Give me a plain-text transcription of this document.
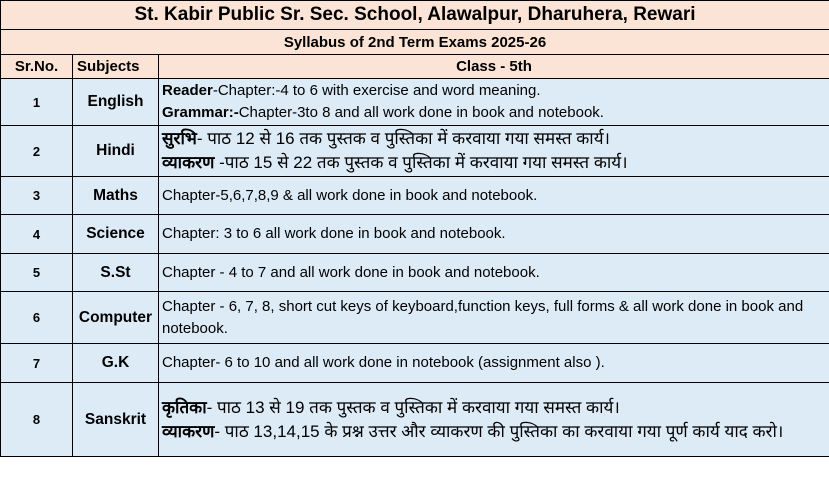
St. Kabir Public Sr. Sec. School, Alawalpur, Dharuhera, Rewari		
Syllabus of 2nd Term Exams 2025-26		
Sr.No.	Subjects	Class - 5th
1	English	Reader-Chapter:-4 to 6 with exercise and word meaning.
Grammar:-Chapter-3to 8 and all work done in book and notebook.

2	Hindi	सुरभि- पाठ 12 से 16 तक पुस्तक व पुस्तिका में करवाया गया समस्त कार्य।
व्याकरण -पाठ 15 से 22 तक पुस्तक व पुस्तिका में करवाया गया समस्त कार्य।

3	Maths	Chapter-5,6,7,8,9 & all work done in book and notebook.

4	Science	Chapter: 3 to 6 all work done in book and notebook.

5	S.St	Chapter - 4 to 7 and all work done in book and notebook.

6	Computer	Chapter - 6, 7, 8, short cut keys of keyboard,function keys, full forms & all work done in book and notebook.

7	G.K	Chapter- 6 to 10 and all work done in notebook (assignment also ).

8	Sanskrit	कृतिका- पाठ 13 से 19 तक पुस्तक व पुस्तिका में करवाया गया समस्त कार्य।
व्याकरण- पाठ 13,14,15 के प्रश्न उत्तर और व्याकरण की पुस्तिका का करवाया गया पूर्ण कार्य याद करो।
